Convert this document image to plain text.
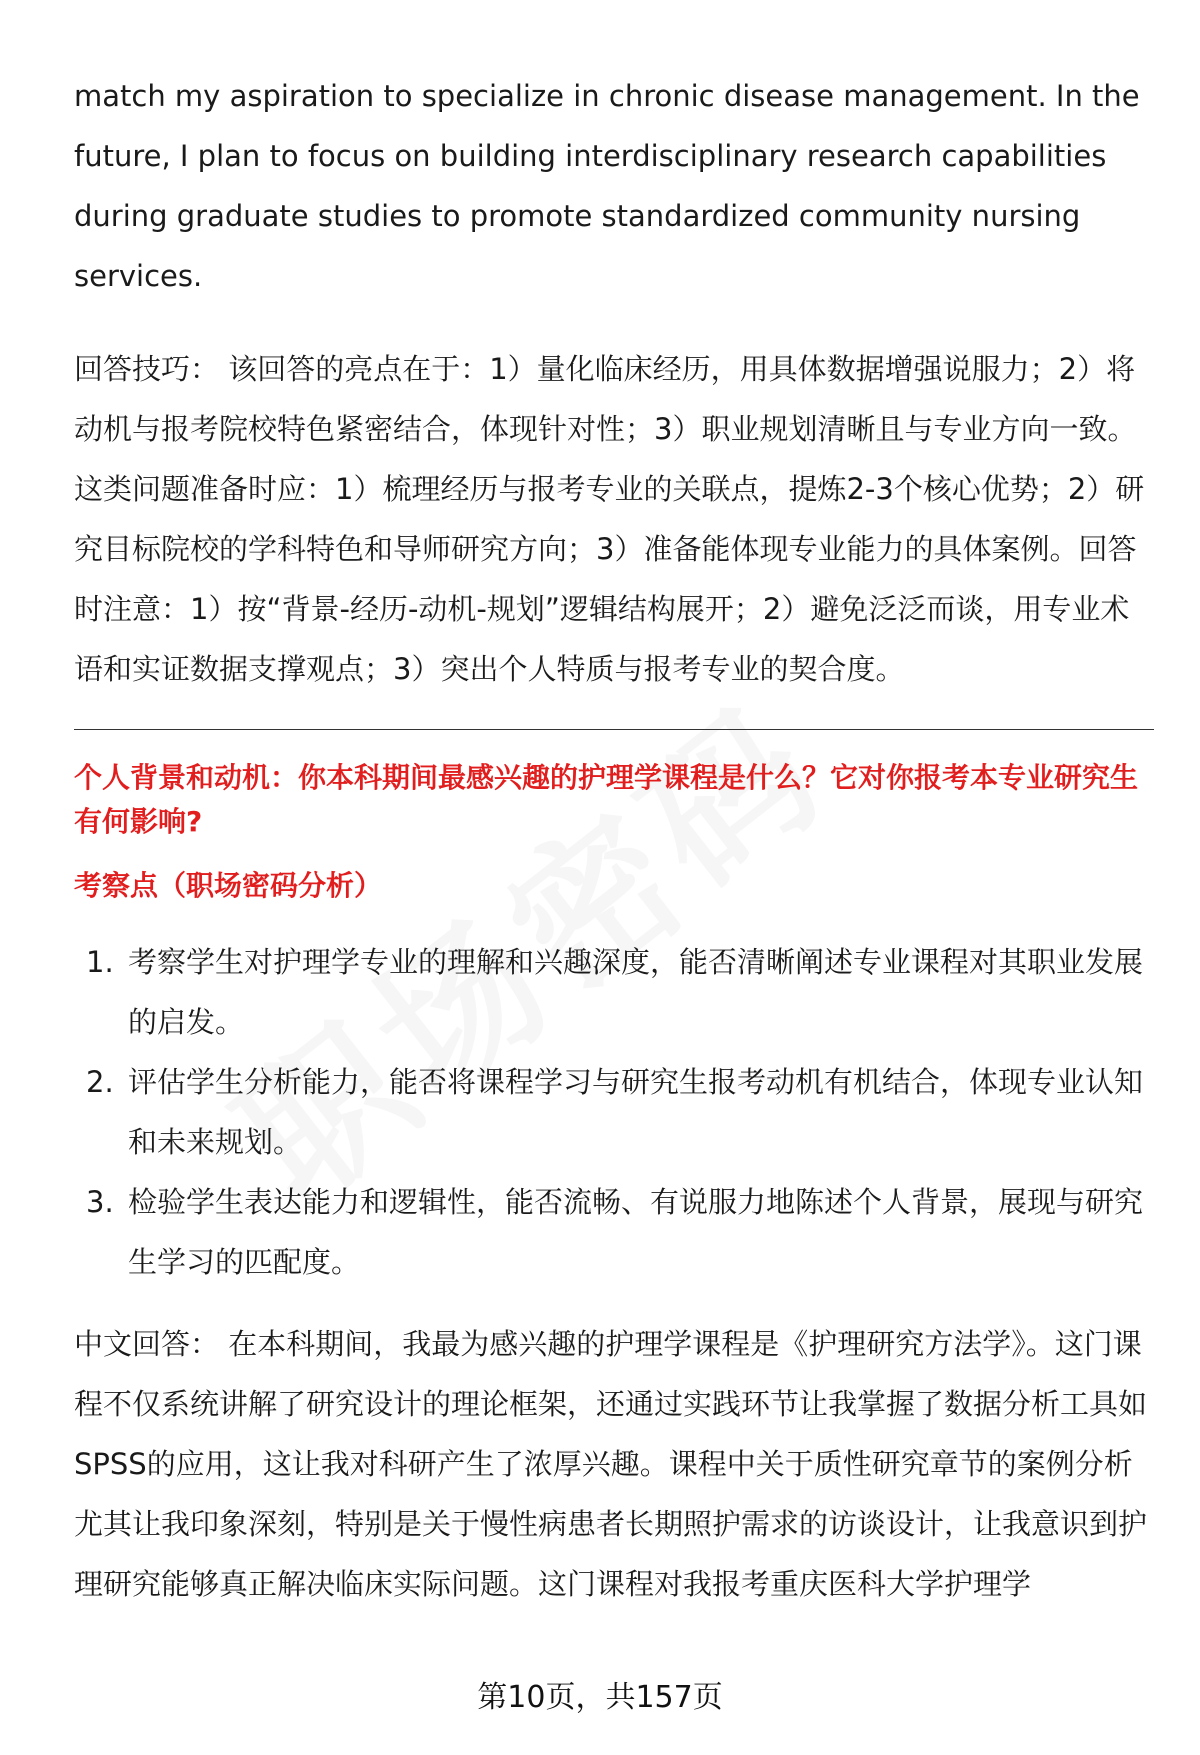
match my aspiration to specialize in chronic disease management. In the future, I plan to focus on building interdisciplinary research capabilities during graduate studies to promote standardized community nursing services.

回答技巧： 该回答的亮点在于：1）量化临床经历，用具体数据增强说服力；2）将动机与报考院校特色紧密结合，体现针对性；3）职业规划清晰且与专业方向一致。这类问题准备时应：1）梳理经历与报考专业的关联点，提炼2-3个核心优势；2）研究目标院校的学科特色和导师研究方向；3）准备能体现专业能力的具体案例。回答时注意：1）按“背景-经历-动机-规划”逻辑结构展开；2）避免泛泛而谈，用专业术语和实证数据支撑观点；3）突出个人特质与报考专业的契合度。

个人背景和动机：你本科期间最感兴趣的护理学课程是什么？它对你报考本专业研究生有何影响?

考察点（职场密码分析）

1. 考察学生对护理学专业的理解和兴趣深度，能否清晰阐述专业课程对其职业发展的启发。
2. 评估学生分析能力，能否将课程学习与研究生报考动机有机结合，体现专业认知和未来规划。
3. 检验学生表达能力和逻辑性，能否流畅、有说服力地陈述个人背景，展现与研究生学习的匹配度。

中文回答： 在本科期间，我最为感兴趣的护理学课程是《护理研究方法学》。这门课程不仅系统讲解了研究设计的理论框架，还通过实践环节让我掌握了数据分析工具如SPSS的应用，这让我对科研产生了浓厚兴趣。课程中关于质性研究章节的案例分析尤其让我印象深刻，特别是关于慢性病患者长期照护需求的访谈设计，让我意识到护理研究能够真正解决临床实际问题。这门课程对我报考重庆医科大学护理学

第10页，共157页
